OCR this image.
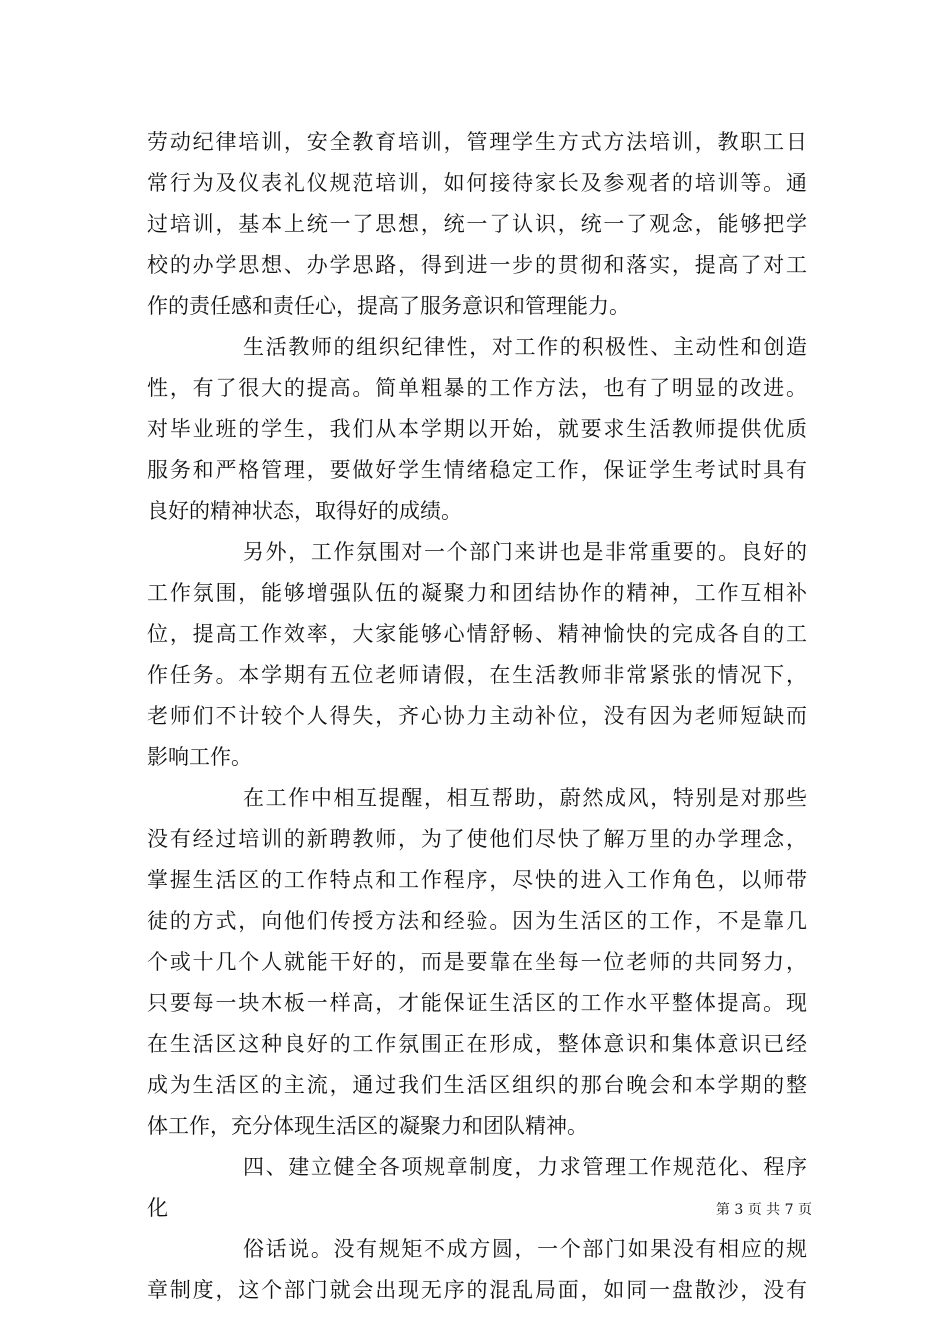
劳动纪律培训，安全教育培训，管理学生方式方法培训，教职工日
常行为及仪表礼仪规范培训，如何接待家长及参观者的培训等。通
过培训，基本上统一了思想，统一了认识，统一了观念，能够把学
校的办学思想、办学思路，得到进一步的贯彻和落实，提高了对工
作的责任感和责任心，提高了服务意识和管理能力。
生活教师的组织纪律性，对工作的积极性、主动性和创造
性，有了很大的提高。简单粗暴的工作方法，也有了明显的改进。
对毕业班的学生，我们从本学期以开始，就要求生活教师提供优质
服务和严格管理，要做好学生情绪稳定工作，保证学生考试时具有
良好的精神状态，取得好的成绩。
另外，工作氛围对一个部门来讲也是非常重要的。良好的
工作氛围，能够增强队伍的凝聚力和团结协作的精神，工作互相补
位，提高工作效率，大家能够心情舒畅、精神愉快的完成各自的工
作任务。本学期有五位老师请假，在生活教师非常紧张的情况下，
老师们不计较个人得失，齐心协力主动补位，没有因为老师短缺而
影响工作。
在工作中相互提醒，相互帮助，蔚然成风，特别是对那些
没有经过培训的新聘教师，为了使他们尽快了解万里的办学理念，
掌握生活区的工作特点和工作程序，尽快的进入工作角色，以师带
徒的方式，向他们传授方法和经验。因为生活区的工作，不是靠几
个或十几个人就能干好的，而是要靠在坐每一位老师的共同努力，
只要每一块木板一样高，才能保证生活区的工作水平整体提高。现
在生活区这种良好的工作氛围正在形成，整体意识和集体意识已经
成为生活区的主流，通过我们生活区组织的那台晚会和本学期的整
体工作，充分体现生活区的凝聚力和团队精神。
四、建立健全各项规章制度，力求管理工作规范化、程序
化
俗话说。没有规矩不成方圆，一个部门如果没有相应的规
章制度，这个部门就会出现无序的混乱局面，如同一盘散沙，没有
第 3 页 共 7 页
